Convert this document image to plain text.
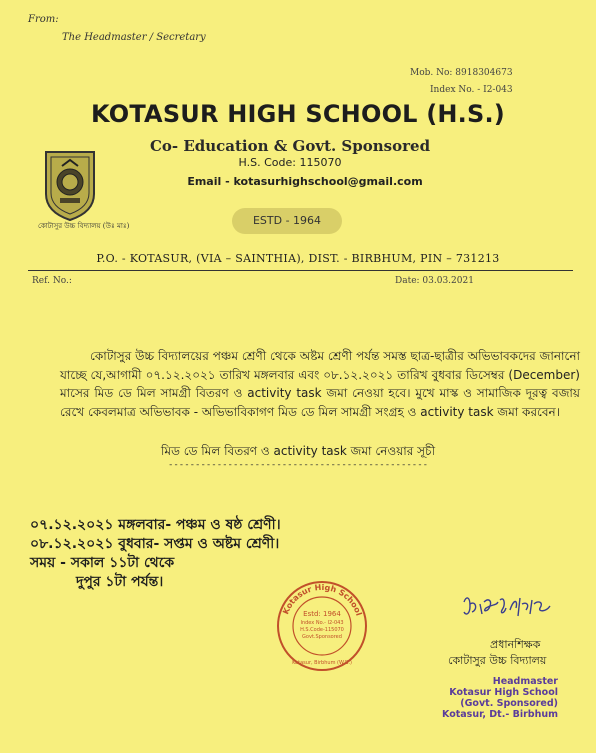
From:
The Headmaster / Secretary
Mob. No: 8918304673
Index No. - I2-043
KOTASUR HIGH SCHOOL (H.S.)
Co- Education & Govt. Sponsored
H.S. Code: 115070
Email - kotasurhighschool@gmail.com
কোটাসুর উচ্চ বিদ্যালয় (উঃ মাঃ)	ESTD - 1964
P.O. - KOTASUR, (VIA – SAINTHIA), DIST. - BIRBHUM, PIN – 731213
Ref. No.:	Date: 03.03.2021
কোটাসুর উচ্চ বিদ্যালয়ের পঞ্চম শ্রেণী থেকে অষ্টম শ্রেণী পর্যন্ত সমস্ত ছাত্র-ছাত্রীর অভিভাবকদের জানানো যাচ্ছে যে,আগামী ০৭.১২.২০২১ তারিখ মঙ্গলবার এবং ০৮.১২.২০২১ তারিখ বুধবার ডিসেম্বর (December) মাসের মিড ডে মিল সামগ্রী বিতরণ ও activity task জমা নেওয়া হবে। মুখে মাস্ক ও সামাজিক দূরত্ব বজায় রেখে কেবলমাত্র অভিভাবক - অভিভাবিকাগণ মিড ডে মিল সামগ্রী সংগ্রহ ও activity task জমা করবেন।
মিড ডে মিল বিতরণ ও activity task জমা নেওয়ার সূচী
------------------------------------------------
০৭.১২.২০২১ মঙ্গলবার- পঞ্চম ও ষষ্ঠ শ্রেণী।
০৮.১২.২০২১ বুধবার- সপ্তম ও অষ্টম শ্রেণী।
সময় - সকাল ১১টা থেকে
দুপুর ১টা পর্যন্ত।
Kotasur High School
Estd: 1964
Index No.- I2-043
H.S.Code-115070
Govt.Sponsored
Kotasur, Birbhum (W.B.)
প্রধানশিক্ষক
কোটাসুর উচ্চ বিদ্যালয়
Headmaster
Kotasur High School
(Govt. Sponsored)
Kotasur, Dt.- Birbhum
